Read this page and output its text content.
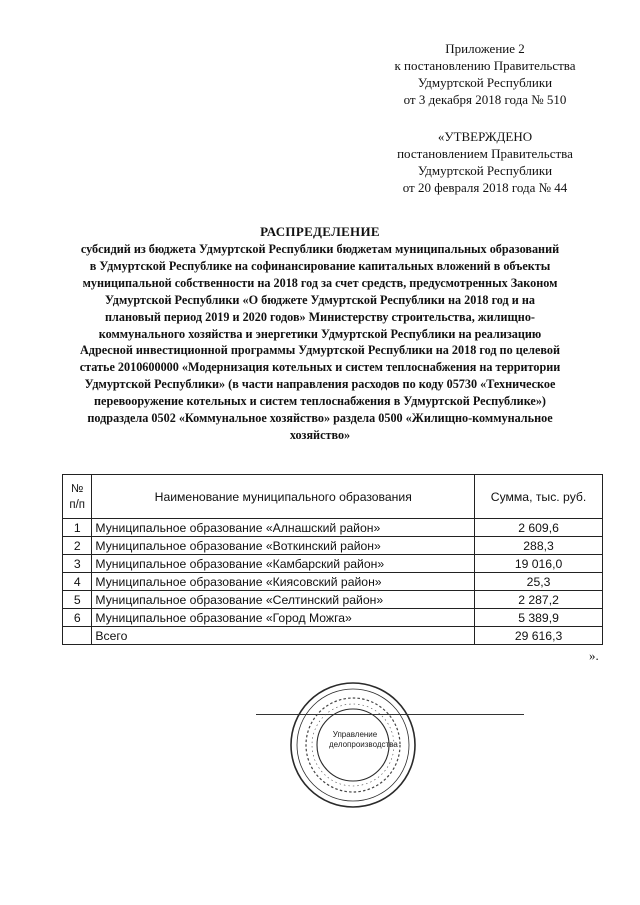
Приложение 2
к постановлению Правительства
Удмуртской Республики
от 3 декабря 2018 года № 510
«УТВЕРЖДЕНО
постановлением Правительства
Удмуртской Республики
от 20 февраля 2018 года № 44
РАСПРЕДЕЛЕНИЕ
субсидий из бюджета Удмуртской Республики бюджетам муниципальных образований
в Удмуртской Республике на софинансирование капитальных вложений в объекты
муниципальной собственности на 2018 год за счет средств, предусмотренных Законом
Удмуртской Республики «О бюджете Удмуртской Республики на 2018 год и на
плановый период 2019 и 2020 годов» Министерству строительства, жилищно-
коммунального хозяйства и энергетики Удмуртской Республики на реализацию
Адресной инвестиционной программы Удмуртской Республики на 2018 год по целевой
статье 2010600000 «Модернизация котельных и систем теплоснабжения на территории
Удмуртской Республики» (в части направления расходов по коду 05730 «Техническое
перевооружение котельных и систем теплоснабжения в Удмуртской Республике»)
подраздела 0502 «Коммунальное хозяйство» раздела 0500 «Жилищно-коммунальное
хозяйство»
№
п/п	Наименование муниципального образования	Сумма, тыс. руб.
1	Муниципальное образование «Алнашский район»	2 609,6
2	Муниципальное образование «Воткинский район»	288,3
3	Муниципальное образование «Камбарский район»	19 016,0
4	Муниципальное образование «Киясовский район»	25,3
5	Муниципальное образование «Селтинский район»	2 287,2
6	Муниципальное образование «Город Можга»	5 389,9
	Всего	29 616,3
».
Управление
делопроизводства
